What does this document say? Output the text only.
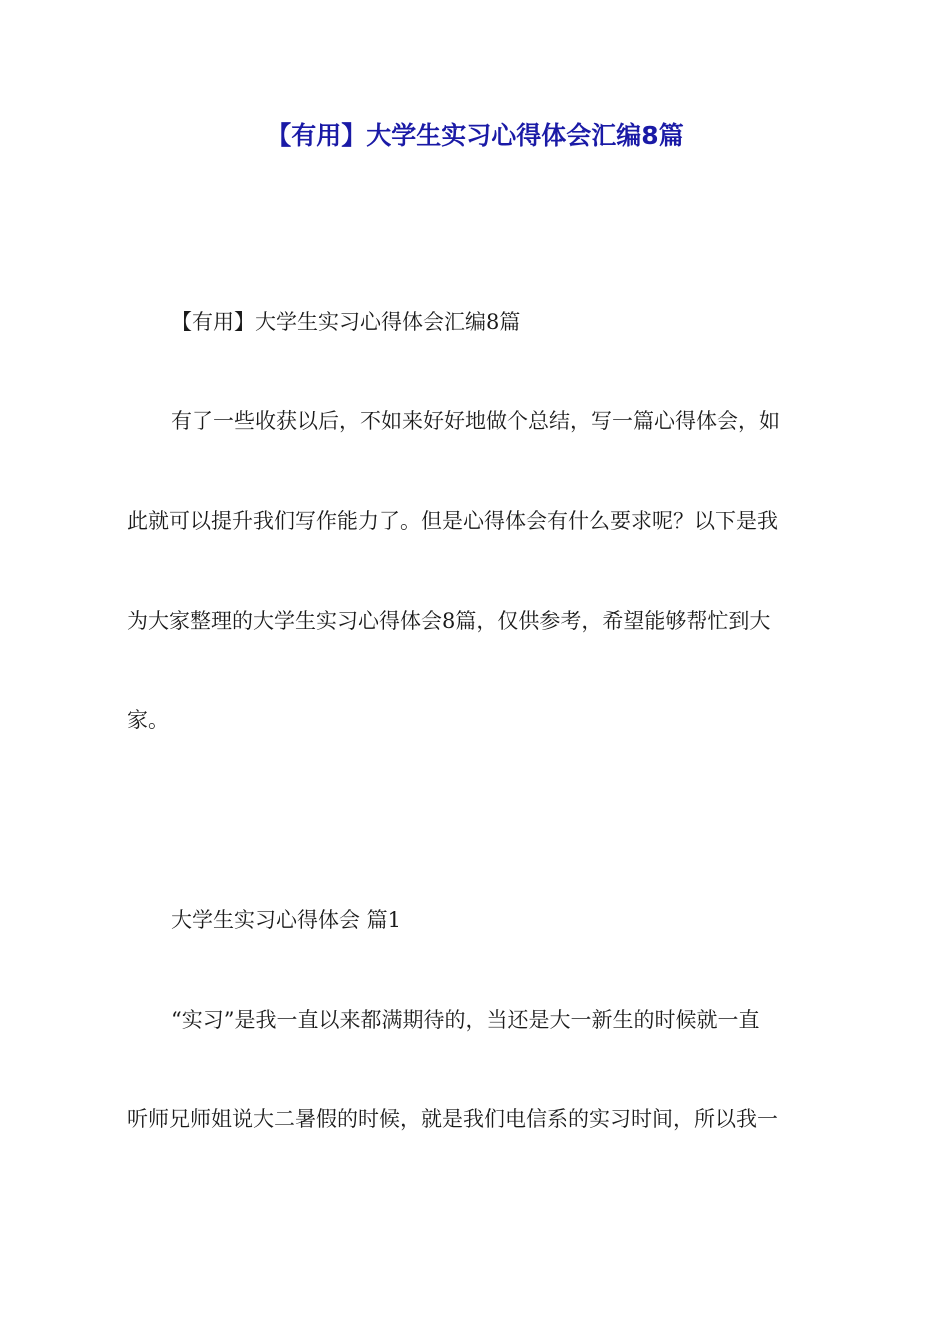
【有用】大学生实习心得体会汇编8篇

【有用】大学生实习心得体会汇编8篇

有了一些收获以后，不如来好好地做个总结，写一篇心得体会，如

此就可以提升我们写作能力了。但是心得体会有什么要求呢？以下是我

为大家整理的大学生实习心得体会8篇，仅供参考，希望能够帮忙到大

家。

大学生实习心得体会 篇1

“实习”是我一直以来都满期待的，当还是大一新生的时候就一直

听师兄师姐说大二暑假的时候，就是我们电信系的实习时间，所以我一
